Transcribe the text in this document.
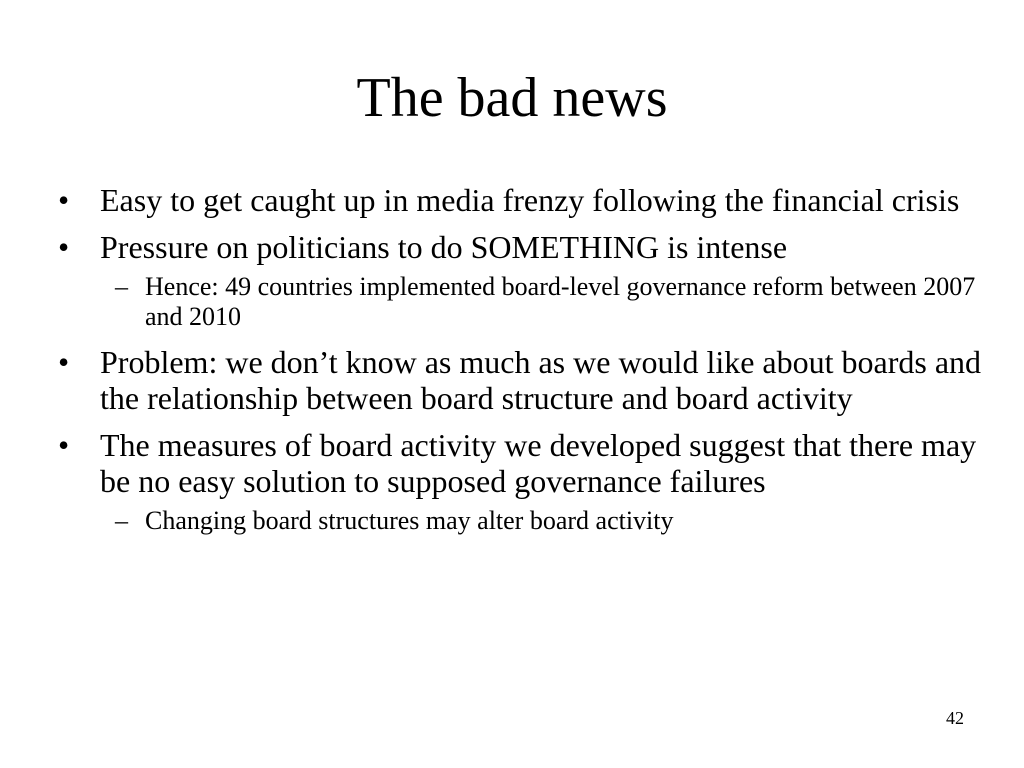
The bad news
• Easy to get caught up in media frenzy following the financial crisis
• Pressure on politicians to do SOMETHING is intense
– Hence: 49 countries implemented board-level governance reform between 2007 and 2010
• Problem: we don’t know as much as we would like about boards and the relationship between board structure and board activity
• The measures of board activity we developed suggest that there may be no easy solution to supposed governance failures
– Changing board structures may alter board activity
42
